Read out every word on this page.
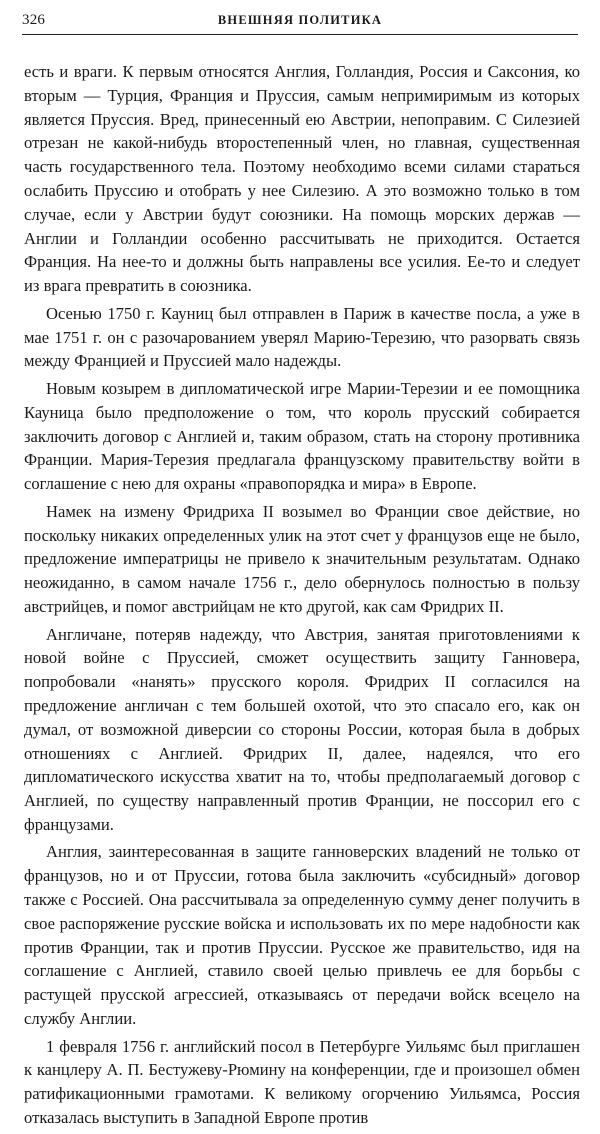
326	ВНЕШНЯЯ ПОЛИТИКА

есть и враги. К первым относятся Англия, Голландия, Россия и Саксония, ко вторым — Турция, Франция и Пруссия, самым непримиримым из которых является Пруссия. Вред, принесенный ею Австрии, непоправим. С Силезией отрезан не какой-нибудь второстепенный член, но главная, существенная часть государственного тела. Поэтому необходимо всеми силами стараться ослабить Пруссию и отобрать у нее Силезию. А это возможно только в том случае, если у Австрии будут союзники. На помощь морских держав — Англии и Голландии особенно рассчитывать не приходится. Остается Франция. На нее-то и должны быть направлены все усилия. Ее-то и следует из врага превратить в союзника.

Осенью 1750 г. Кауниц был отправлен в Париж в качестве посла, а уже в мае 1751 г. он с разочарованием уверял Марию-Терезию, что разорвать связь между Францией и Пруссией мало надежды.

Новым козырем в дипломатической игре Марии-Терезии и ее помощника Кауница было предположение о том, что король прусский собирается заключить договор с Англией и, таким образом, стать на сторону противника Франции. Мария-Терезия предлагала французскому правительству войти в соглашение с нею для охраны «правопорядка и мира» в Европе.

Намек на измену Фридриха II возымел во Франции свое действие, но поскольку никаких определенных улик на этот счет у французов еще не было, предложение императрицы не привело к значительным результатам. Однако неожиданно, в самом начале 1756 г., дело обернулось полностью в пользу австрийцев, и помог австрийцам не кто другой, как сам Фридрих II.

Англичане, потеряв надежду, что Австрия, занятая приготовлениями к новой войне с Пруссией, сможет осуществить защиту Ганновера, попробовали «нанять» прусского короля. Фридрих II согласился на предложение англичан с тем большей охотой, что это спасало его, как он думал, от возможной диверсии со стороны России, которая была в добрых отношениях с Англией. Фридрих II, далее, надеялся, что его дипломатического искусства хватит на то, чтобы предполагаемый договор с Англией, по существу направленный против Франции, не поссорил его с французами.

Англия, заинтересованная в защите ганноверских владений не только от французов, но и от Пруссии, готова была заключить «субсидный» договор также с Россией. Она рассчитывала за определенную сумму денег получить в свое распоряжение русские войска и использовать их по мере надобности как против Франции, так и против Пруссии. Русское же правительство, идя на соглашение с Англией, ставило своей целью привлечь ее для борьбы с растущей прусской агрессией, отказываясь от передачи войск всецело на службу Англии.

1 февраля 1756 г. английский посол в Петербурге Уильямс был приглашен к канцлеру А. П. Бестужеву-Рюмину на конференции, где и произошел обмен ратификационными грамотами. К великому огорчению Уильямса, Россия отказалась выступить в Западной Европе против
